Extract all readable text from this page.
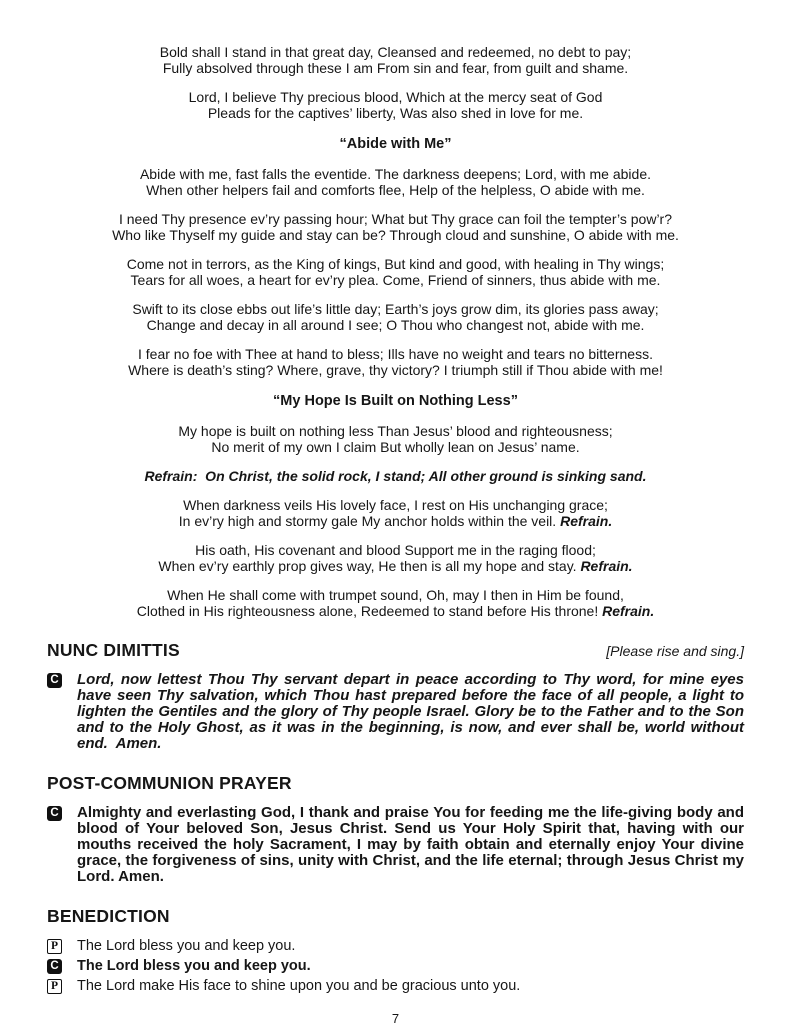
Bold shall I stand in that great day, Cleansed and redeemed, no debt to pay;
Fully absolved through these I am From sin and fear, from guilt and shame.
Lord, I believe Thy precious blood, Which at the mercy seat of God
Pleads for the captives’ liberty, Was also shed in love for me.
“Abide with Me”
Abide with me, fast falls the eventide. The darkness deepens; Lord, with me abide.
When other helpers fail and comforts flee, Help of the helpless, O abide with me.
I need Thy presence ev’ry passing hour; What but Thy grace can foil the tempter’s pow’r?
Who like Thyself my guide and stay can be? Through cloud and sunshine, O abide with me.
Come not in terrors, as the King of kings, But kind and good, with healing in Thy wings;
Tears for all woes, a heart for ev’ry plea. Come, Friend of sinners, thus abide with me.
Swift to its close ebbs out life’s little day; Earth’s joys grow dim, its glories pass away;
Change and decay in all around I see; O Thou who changest not, abide with me.
I fear no foe with Thee at hand to bless; Ills have no weight and tears no bitterness.
Where is death’s sting? Where, grave, thy victory? I triumph still if Thou abide with me!
“My Hope Is Built on Nothing Less”
My hope is built on nothing less Than Jesus’ blood and righteousness;
No merit of my own I claim But wholly lean on Jesus’ name.
Refrain:  On Christ, the solid rock, I stand; All other ground is sinking sand.
When darkness veils His lovely face, I rest on His unchanging grace;
In ev’ry high and stormy gale My anchor holds within the veil. Refrain.
His oath, His covenant and blood Support me in the raging flood;
When ev’ry earthly prop gives way, He then is all my hope and stay. Refrain.
When He shall come with trumpet sound, Oh, may I then in Him be found,
Clothed in His righteousness alone, Redeemed to stand before His throne! Refrain.
NUNC DIMITTIS	[Please rise and sing.]
C Lord, now lettest Thou Thy servant depart in peace according to Thy word, for mine eyes have seen Thy salvation, which Thou hast prepared before the face of all people, a light to lighten the Gentiles and the glory of Thy people Israel. Glory be to the Father and to the Son and to the Holy Ghost, as it was in the beginning, is now, and ever shall be, world without end.  Amen.
POST-COMMUNION PRAYER
C Almighty and everlasting God, I thank and praise You for feeding me the life-giving body and blood of Your beloved Son, Jesus Christ. Send us Your Holy Spirit that, having with our mouths received the holy Sacrament, I may by faith obtain and eternally enjoy Your divine grace, the forgiveness of sins, unity with Christ, and the life eternal; through Jesus Christ my Lord. Amen.
BENEDICTION
P The Lord bless you and keep you.
C The Lord bless you and keep you.
P The Lord make His face to shine upon you and be gracious unto you.
7
